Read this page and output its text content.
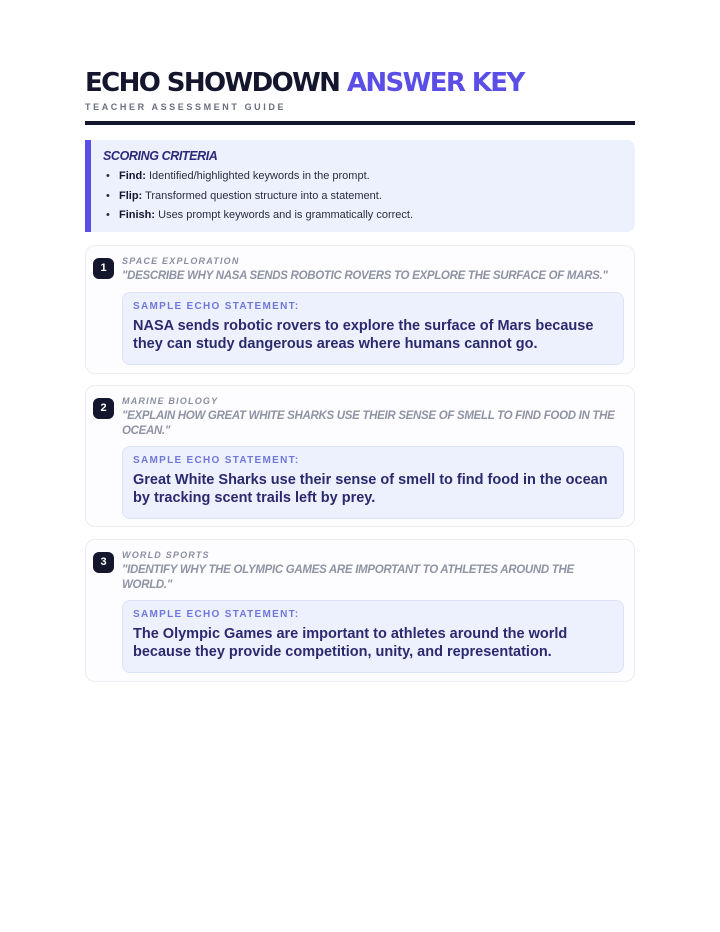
ECHO SHOWDOWN ANSWER KEY
TEACHER ASSESSMENT GUIDE
SCORING CRITERIA
• Find: Identified/highlighted keywords in the prompt.
• Flip: Transformed question structure into a statement.
• Finish: Uses prompt keywords and is grammatically correct.
1
SPACE EXPLORATION
"DESCRIBE WHY NASA SENDS ROBOTIC ROVERS TO EXPLORE THE SURFACE OF MARS."
SAMPLE ECHO STATEMENT:
NASA sends robotic rovers to explore the surface of Mars because they can study dangerous areas where humans cannot go.
2
MARINE BIOLOGY
"EXPLAIN HOW GREAT WHITE SHARKS USE THEIR SENSE OF SMELL TO FIND FOOD IN THE OCEAN."
SAMPLE ECHO STATEMENT:
Great White Sharks use their sense of smell to find food in the ocean by tracking scent trails left by prey.
3
WORLD SPORTS
"IDENTIFY WHY THE OLYMPIC GAMES ARE IMPORTANT TO ATHLETES AROUND THE WORLD."
SAMPLE ECHO STATEMENT:
The Olympic Games are important to athletes around the world because they provide competition, unity, and representation.
